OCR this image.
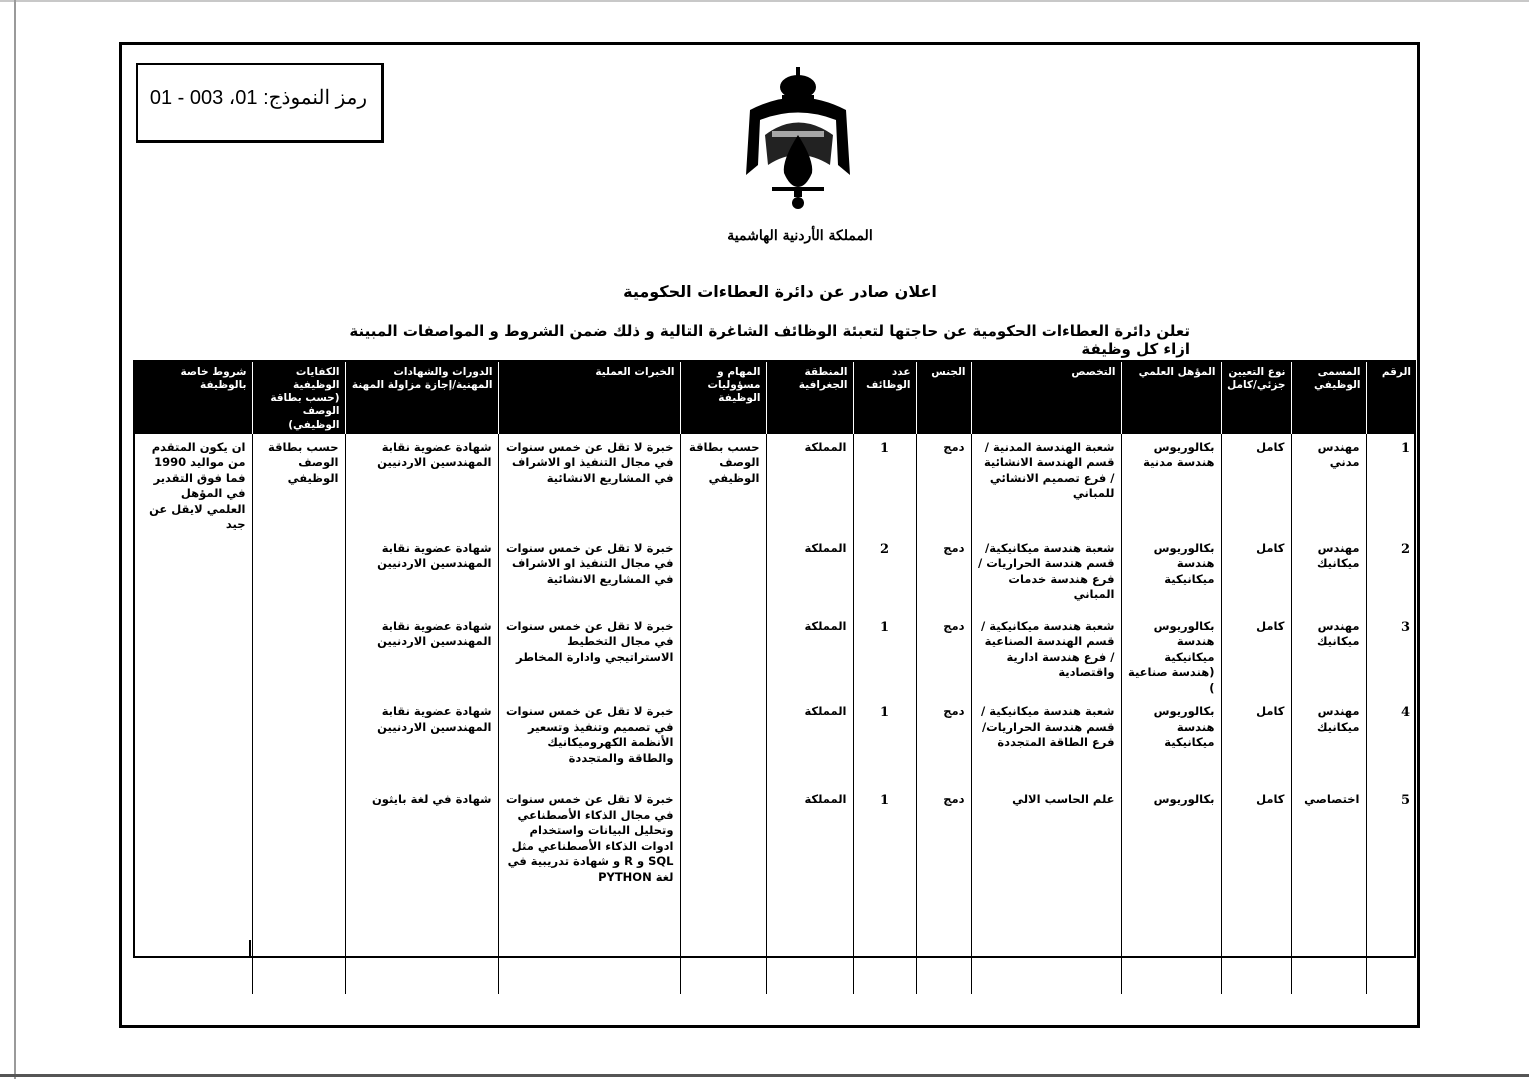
رمز النموذج: 01، 003 - 01
المملكة الأردنية الهاشمية
اعلان صادر عن دائرة العطاءات الحكومية
تعلن دائرة العطاءات الحكومية عن حاجتها لتعبئة الوظائف الشاغرة التالية و ذلك ضمن الشروط و المواصفات المبينة ازاء كل وظيفة
الرقم	المسمى الوظيفي	نوع التعيين جزئي/كامل	المؤهل العلمي	التخصص	الجنس	عدد الوظائف	المنطقة الجغرافية	المهام و مسؤوليات الوظيفة	الخبرات العملية	الدورات والشهادات المهنية/إجازة مزاولة المهنة	الكفايات الوظيفية (حسب بطاقة الوصف الوظيفي)	شروط خاصة بالوظيفة
1	مهندس مدني	كامل	بكالوريوس هندسة مدنية	شعبة الهندسة المدنية / قسم الهندسة الانشائية / فرع تصميم الانشائي للمباني	دمج	1	المملكة	حسب بطاقة الوصف الوظيفي	خبرة لا تقل عن خمس سنوات في مجال التنفيذ او الاشراف في المشاريع الانشائية	شهادة عضوية نقابة المهندسين الاردنيين	حسب بطاقة الوصف الوظيفي	ان يكون المتقدم من مواليد 1990 فما فوق التقدير في المؤهل العلمي لايقل عن جيد
2	مهندس ميكانيك	كامل	بكالوريوس هندسة ميكانيكية	شعبة هندسة ميكانيكية/ قسم هندسة الحراريات / فرع هندسة خدمات المباني	دمج	2	المملكة		خبرة لا تقل عن خمس سنوات في مجال التنفيذ او الاشراف في المشاريع الانشائية	شهادة عضوية نقابة المهندسين الاردنيين		
3	مهندس ميكانيك	كامل	بكالوريوس هندسة ميكانيكية (هندسة صناعية )	شعبة هندسة ميكانيكية / قسم الهندسة الصناعية / فرع هندسة ادارية واقتصادية	دمج	1	المملكة		خبرة لا تقل عن خمس سنوات في مجال التخطيط الاستراتيجي وادارة المخاطر	شهادة عضوية نقابة المهندسين الاردنيين		
4	مهندس ميكانيك	كامل	بكالوريوس هندسة ميكانيكية	شعبة هندسة ميكانيكية / قسم هندسة الحراريات/ فرع الطاقة المتجددة	دمج	1	المملكة		خبرة لا تقل عن خمس سنوات في تصميم وتنفيذ وتسعير الأنظمة الكهروميكانيك والطاقة والمتجددة	شهادة عضوية نقابة المهندسين الاردنيين		
5	اختصاصي	كامل	بكالوريوس	علم الحاسب الالي	دمج	1	المملكة		خبرة لا تقل عن خمس سنوات في مجال الذكاء الأصطناعي وتحليل البيانات واستخدام ادوات الذكاء الأصطناعي مثل SQL و R و شهادة تدريبية في لغة PYTHON	شهادة في لغة بايثون		
